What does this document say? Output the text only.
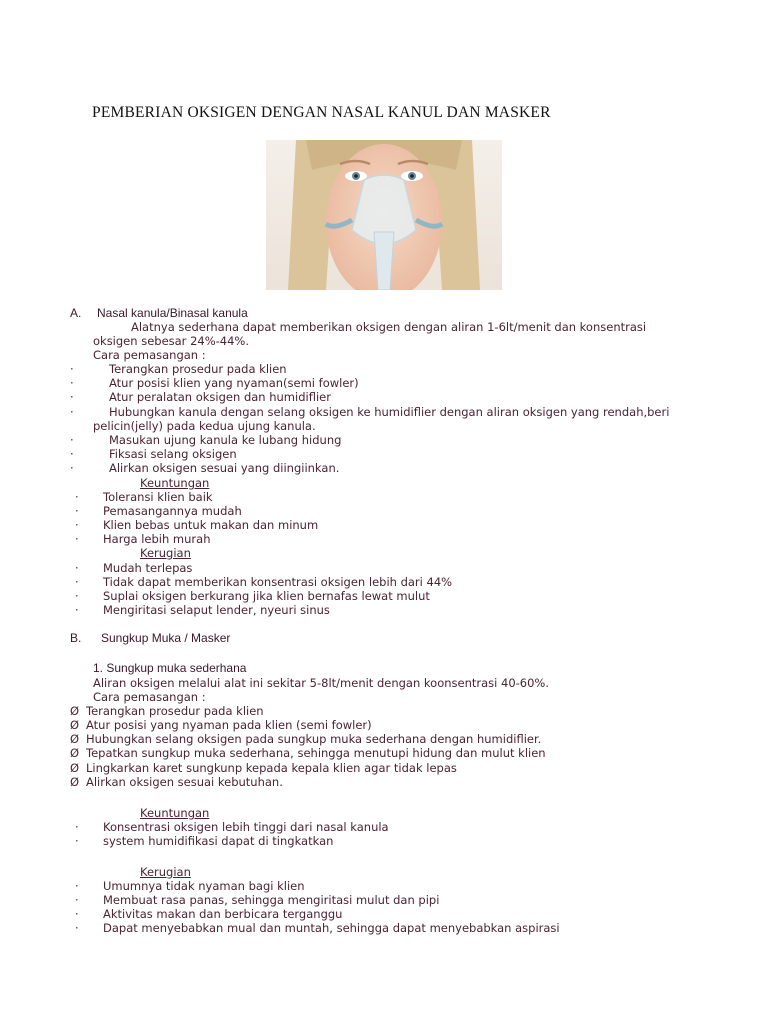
PEMBERIAN OKSIGEN DENGAN NASAL KANUL DAN MASKER
A. Nasal kanula/Binasal kanula
Alatnya sederhana dapat memberikan oksigen dengan aliran 1-6lt/menit dan konsentrasi
oksigen sebesar 24%-44%.
Cara pemasangan :
·	Terangkan prosedur pada klien
·	Atur posisi klien yang nyaman(semi fowler)
·	Atur peralatan oksigen dan humidiflier
·	Hubungkan kanula dengan selang oksigen ke humidiflier dengan aliran oksigen yang rendah,beri
pelicin(jelly) pada kedua ujung kanula.
·	Masukan ujung kanula ke lubang hidung
·	Fiksasi selang oksigen
·	Alirkan oksigen sesuai yang diingiinkan.
Keuntungan
· Toleransi klien baik
· Pemasangannya mudah
· Klien bebas untuk makan dan minum
· Harga lebih murah
Kerugian
· Mudah terlepas
· Tidak dapat memberikan konsentrasi oksigen lebih dari 44%
· Suplai oksigen berkurang jika klien bernafas lewat mulut
· Mengiritasi selaput lender, nyeuri sinus
B. Sungkup Muka / Masker
1. Sungkup muka sederhana
Aliran oksigen melalui alat ini sekitar 5-8lt/menit dengan koonsentrasi 40-60%.
Cara pemasangan :
Ø Terangkan prosedur pada klien
Ø Atur posisi yang nyaman pada klien (semi fowler)
Ø Hubungkan selang oksigen pada sungkup muka sederhana dengan humidiflier.
Ø Tepatkan sungkup muka sederhana, sehingga menutupi hidung dan mulut klien
Ø Lingkarkan karet sungkunp kepada kepala klien agar tidak lepas
Ø Alirkan oksigen sesuai kebutuhan.
Keuntungan
· Konsentrasi oksigen lebih tinggi dari nasal kanula
· system humidifikasi dapat di tingkatkan
Kerugian
· Umumnya tidak nyaman bagi klien
· Membuat rasa panas, sehingga mengiritasi mulut dan pipi
· Aktivitas makan dan berbicara terganggu
· Dapat menyebabkan mual dan muntah, sehingga dapat menyebabkan aspirasi
